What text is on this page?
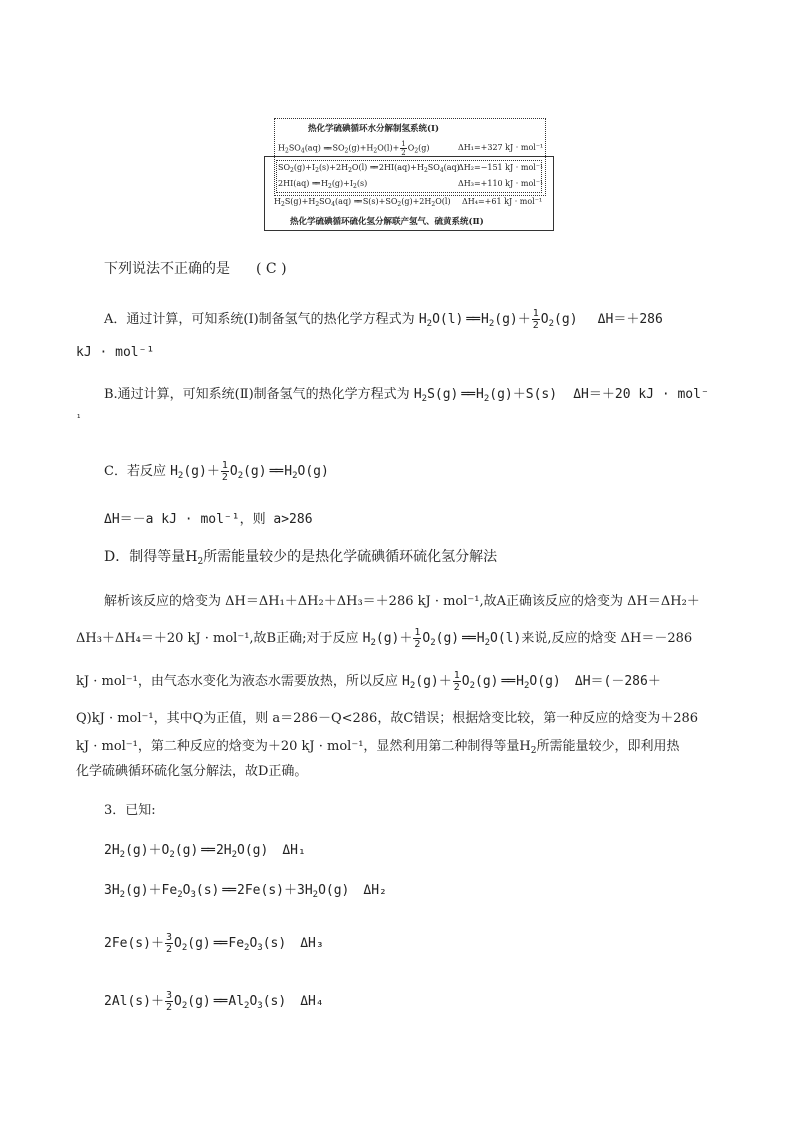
热化学硫碘循环水分解制氢系统(Ⅰ)
$H_2SO_4(aq)$ ══ $SO_2(g)+H_2O(l)+ \frac{1}{2} O_2(g)$	ΔH₁=+327 kJ · mol⁻¹
$SO_2(g)+I_2(s)+2H_2O(l)$ ══ $2HI(aq)+H_2SO_4(aq)$
ΔH₂=−151 kJ · mol⁻¹
2HI(aq) ══ $H_2(g)+I_2(s)$	ΔH₃=+110 kJ · mol⁻¹
$H_2S(g)+H_2SO_4(aq)$ ══ $S(s)+SO_2(g)+2H_2O(l)$ ΔH₄=+61 kJ · mol⁻¹
热化学硫碘循环硫化氢分解联产氢气、硫黄系统(Ⅱ)
下列说法不正确的是 ( C )
A．通过计算，可知系统(Ⅰ)制备氢气的热化学方程式为 $H_2O(l)$ ══ $H_2(g)+ \frac{1}{2} O_2(g)$ ΔH＝＋286
kJ · mol⁻¹
B.通过计算，可知系统(Ⅱ)制备氢气的热化学方程式为 $H_2S(g)$ ══ $H_2(g)+S(s)$ ΔH＝＋20 kJ · mol⁻
¹
C．若反应 $H_2(g)+ \frac{1}{2} O_2(g)$ ══ $H_2O(g)$
ΔH＝－a kJ · mol⁻¹，则 a>286
D．制得等量$H_2$所需能量较少的是热化学硫碘循环硫化氢分解法
解析该反应的焓变为 ΔH＝ΔH₁＋ΔH₂＋ΔH₃＝＋286 kJ · mol⁻¹,故A正确该反应的焓变为 ΔH＝ΔH₂＋
ΔH₃＋ΔH₄＝＋20 kJ · mol⁻¹,故B正确;对于反应 $H_2(g)+ \frac{1}{2} O_2(g)$ ══ $H_2O(l)$来说,反应的焓变 ΔH＝－286
kJ · mol⁻¹，由气态水变化为液态水需要放热，所以反应 $H_2(g)+ \frac{1}{2} O_2(g)$ ══ $H_2O(g)$ ΔH＝(－286＋
Q)kJ · mol⁻¹，其中Q为正值，则 a＝286－Q<286，故C错误；根据焓变比较，第一种反应的焓变为＋286
kJ · mol⁻¹，第二种反应的焓变为＋20 kJ · mol⁻¹，显然利用第二种制得等量$H_2$所需能量较少，即利用热
化学硫碘循环硫化氢分解法，故D正确。
3．已知:
$2H_2(g)+O_2(g)$ ══ $2H_2O(g)$ ΔH₁
$3H_2(g)+Fe_2O_3(s)$ ══ $2Fe(s)+3H_2O(g)$ ΔH₂
$2Fe(s)+ \frac{3}{2} O_2(g)$ ══ $Fe_2O_3(s)$ ΔH₃
$2Al(s)+ \frac{3}{2} O_2(g)$ ══ $Al_2O_3(s)$ ΔH₄
